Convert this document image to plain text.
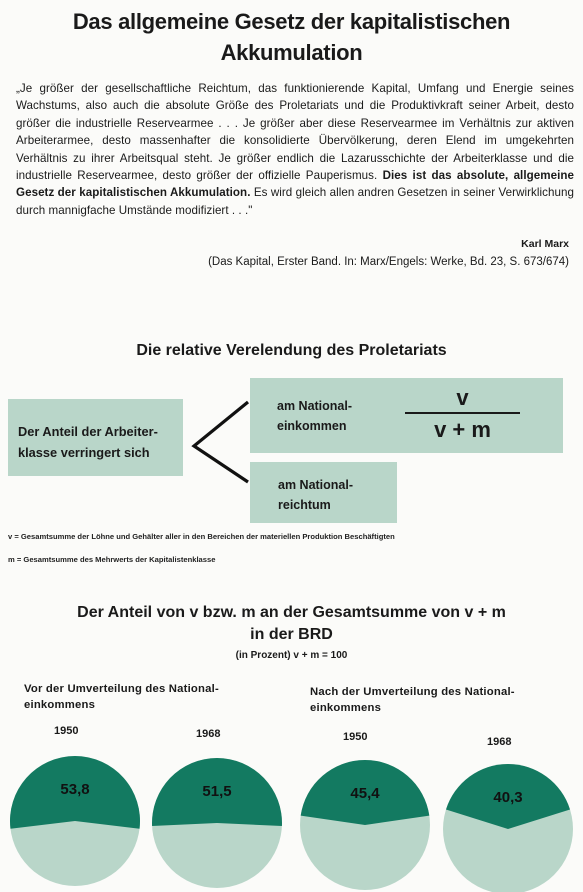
Das allgemeine Gesetz der kapitalistischen
Akkumulation
„Je größer der gesellschaftliche Reichtum, das funktionierende Kapital, Umfang und Energie seines Wachstums, also auch die absolute Größe des Proletariats und die Produktivkraft seiner Arbeit, desto größer die industrielle Reservearmee . . . Je größer aber diese Reservearmee im Verhältnis zur aktiven Arbeiterarmee, desto massenhafter die konsolidierte Übervölkerung, deren Elend im umgekehrten Verhältnis zu ihrer Arbeitsqual steht. Je größer endlich die Lazarusschichte der Arbeiterklasse und die industrielle Reservearmee, desto größer der offizielle Pauperismus. Dies ist das absolute, allgemeine Gesetz der kapitalistischen Akkumulation. Es wird gleich allen andren Gesetzen in seiner Verwirklichung durch mannigfache Umstände modifiziert . . ."
Karl Marx
(Das Kapital, Erster Band. In: Marx/Engels: Werke, Bd. 23, S. 673/674)
Die relative Verelendung des Proletariats
Der Anteil der Arbeiter-
klasse verringert sich
am National-
einkommen
v
v + m
am National-
reichtum
v = Gesamtsumme der Löhne und Gehälter aller in den Bereichen der materiellen Produktion Beschäftigten
m = Gesamtsumme des Mehrwerts der Kapitalistenklasse
Der Anteil von v bzw. m an der Gesamtsumme von v + m
in der BRD
(in Prozent) v + m = 100
Vor der Umverteilung des National-
einkommens
Nach der Umverteilung des National-
einkommens
1950	1968	1950	1968
53,8	51,5	45,4	40,3
